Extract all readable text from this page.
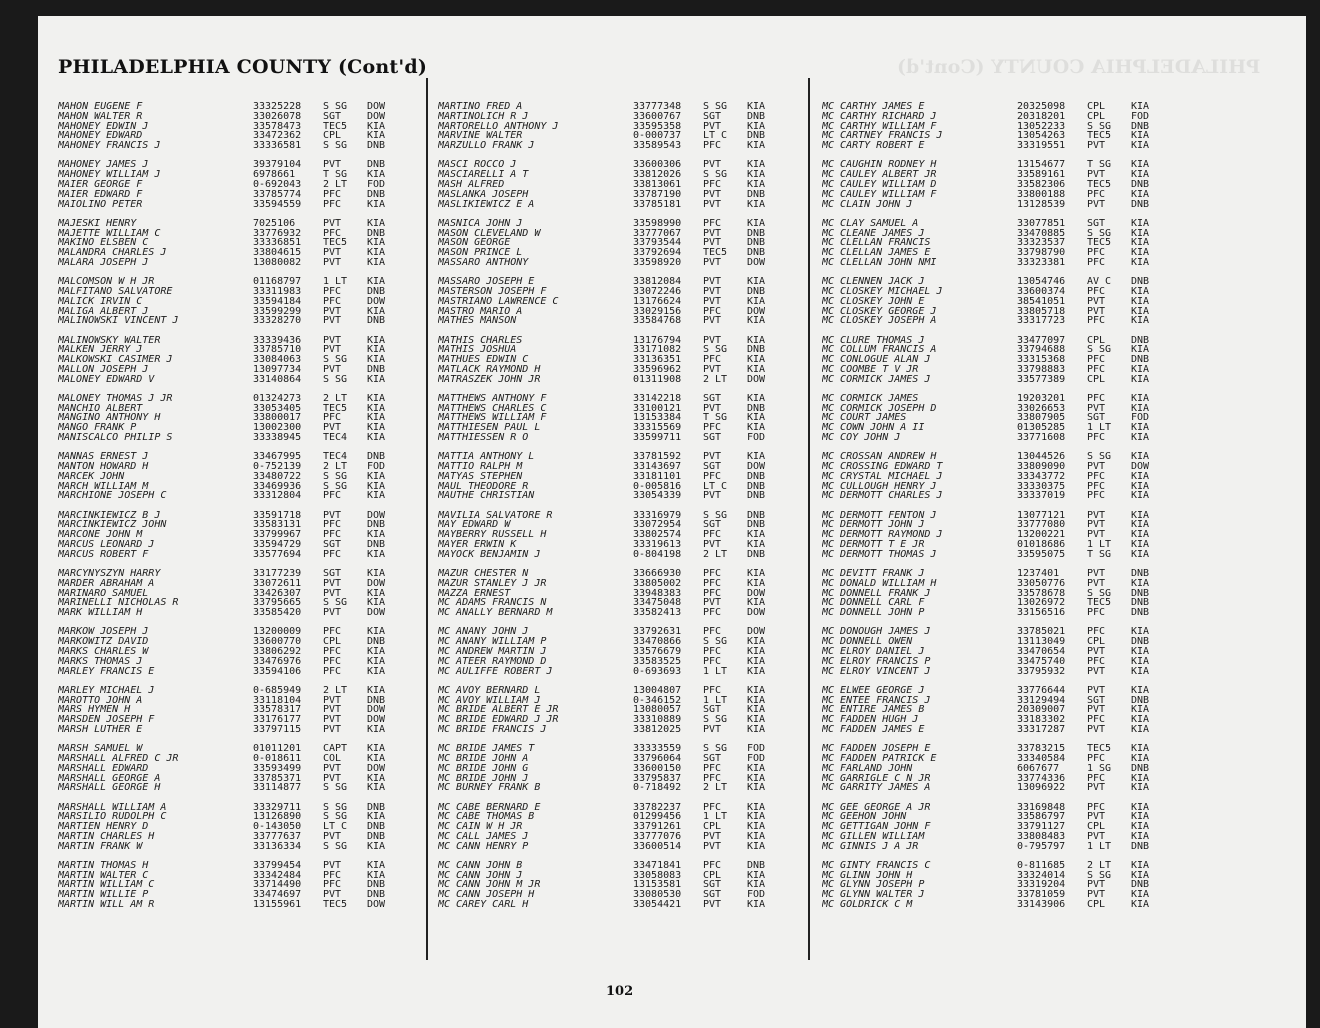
PHILADELPHIA COUNTY (Cont'd)	PHILADELPHIA COUNTY (Cont'd)
MAHON EUGENE F	33325228	S SG	DOW
MAHON WALTER R	33026078	SGT	DOW
MAHONEY EDWIN J	33578473	TEC5	KIA
MAHONEY EDWARD	33472362	CPL	KIA
MAHONEY FRANCIS J	33336581	S SG	DNB
MAHONEY JAMES J	39379104	PVT	DNB
MAHONEY WILLIAM J	6978661	T SG	KIA
MAIER GEORGE F	0-692043	2 LT	FOD
MAIER EDWARD F	33785774	PFC	DNB
MAIOLINO PETER	33594559	PFC	KIA
MAJESKI HENRY	7025106	PVT	KIA
MAJETTE WILLIAM C	33776932	PFC	DNB
MAKINO ELSBEN C	33336851	TEC5	KIA
MALANDRA CHARLES J	33804615	PVT	KIA
MALARA JOSEPH J	13080082	PVT	KIA
MALCOMSON W H JR	01168797	1 LT	KIA
MALFITANO SALVATORE	33311983	PFC	DNB
MALICK IRVIN C	33594184	PFC	DOW
MALIGA ALBERT J	33599299	PVT	KIA
MALINOWSKI VINCENT J	33328270	PVT	DNB
MALINOWSKY WALTER	33339436	PVT	KIA
MALKEN JERRY J	33785710	PVT	KIA
MALKOWSKI CASIMER J	33084063	S SG	KIA
MALLON JOSEPH J	13097734	PVT	DNB
MALONEY EDWARD V	33140864	S SG	KIA
MALONEY THOMAS J JR	01324273	2 LT	KIA
MANCHIO ALBERT	33053405	TEC5	KIA
MANGINO ANTHONY H	33800017	PFC	KIA
MANGO FRANK P	13002300	PVT	KIA
MANISCALCO PHILIP S	33338945	TEC4	KIA
MANNAS ERNEST J	33467995	TEC4	DNB
MANTON HOWARD H	0-752139	2 LT	FOD
MARCEK JOHN	33480722	S SG	KIA
MARCH WILLIAM M	33469936	S SG	KIA
MARCHIONE JOSEPH C	33312804	PFC	KIA
MARCINKIEWICZ B J	33591718	PVT	DOW
MARCINKIEWICZ JOHN	33583131	PFC	DNB
MARCONE JOHN M	33799967	PFC	KIA
MARCUS LEONARD J	33594729	SGT	DNB
MARCUS ROBERT F	33577694	PFC	KIA
MARCYNYSZYN HARRY	33177239	SGT	KIA
MARDER ABRAHAM A	33072611	PVT	DOW
MARINARO SAMUEL	33426307	PVT	KIA
MARINELLI NICHOLAS R	33795665	S SG	KIA
MARK WILLIAM H	33585420	PVT	DOW
MARKOW JOSEPH J	13200009	PFC	KIA
MARKOWITZ DAVID	33600770	CPL	DNB
MARKS CHARLES W	33806292	PFC	KIA
MARKS THOMAS J	33476976	PFC	KIA
MARLEY FRANCIS E	33594106	PFC	KIA
MARLEY MICHAEL J	0-685949	2 LT	KIA
MAROTTO JOHN A	33118104	PVT	DNB
MARS HYMEN H	33578317	PVT	DOW
MARSDEN JOSEPH F	33176177	PVT	DOW
MARSH LUTHER E	33797115	PVT	KIA
MARSH SAMUEL W	01011201	CAPT	KIA
MARSHALL ALFRED C JR	0-018611	COL	KIA
MARSHALL EDWARD	33593499	PVT	DOW
MARSHALL GEORGE A	33785371	PVT	KIA
MARSHALL GEORGE H	33114877	S SG	KIA
MARSHALL WILLIAM A	33329711	S SG	DNB
MARSILIO RUDOLPH C	13126890	S SG	KIA
MARTIEN HENRY D	0-143050	LT C	DNB
MARTIN CHARLES H	33777637	PVT	DNB
MARTIN FRANK W	33136334	S SG	KIA
MARTIN THOMAS H	33799454	PVT	KIA
MARTIN WALTER C	33342484	PFC	KIA
MARTIN WILLIAM C	33714490	PFC	DNB
MARTIN WILLIE P	33474697	PVT	DNB
MARTIN WILL AM R	13155961	TEC5	DOW
MARTINO FRED A	33777348	S SG	KIA
MARTINOLICH R J	33600767	SGT	DNB
MARTORELLO ANTHONY J	33595358	PVT	KIA
MARVINE WALTER	0-000737	LT C	DNB
MARZULLO FRANK J	33589543	PFC	KIA
MASCI ROCCO J	33600306	PVT	KIA
MASCIARELLI A T	33812026	S SG	KIA
MASH ALFRED	33813061	PFC	KIA
MASLANKA JOSEPH	33787190	PVT	DNB
MASLIKIEWICZ E A	33785181	PVT	KIA
MASNICA JOHN J	33598990	PFC	KIA
MASON CLEVELAND W	33777067	PVT	DNB
MASON GEORGE	33793544	PVT	DNB
MASON PRINCE L	33792694	TEC5	DNB
MASSARO ANTHONY	33598920	PVT	DOW
MASSARO JOSEPH E	33812084	PVT	KIA
MASTERSON JOSEPH F	33072246	PVT	DNB
MASTRIANO LAWRENCE C	13176624	PVT	KIA
MASTRO MARIO A	33029156	PFC	DOW
MATHES MANSON	33584768	PVT	KIA
MATHIS CHARLES	13176794	PVT	KIA
MATHIS JOSHUA	33171082	S SG	DNB
MATHUES EDWIN C	33136351	PFC	KIA
MATLACK RAYMOND H	33596962	PVT	KIA
MATRASZEK JOHN JR	01311908	2 LT	DOW
MATTHEWS ANTHONY F	33142218	SGT	KIA
MATTHEWS CHARLES C	33100121	PVT	DNB
MATTHEWS WILLIAM F	13153384	T SG	KIA
MATTHIESEN PAUL L	33315569	PFC	KIA
MATTHIESSEN R O	33599711	SGT	FOD
MATTIA ANTHONY L	33781592	PVT	KIA
MATTIO RALPH M	33143697	SGT	DOW
MATYAS STEPHEN	33181101	PFC	DNB
MAUL THEODORE R	0-005816	LT C	DNB
MAUTHE CHRISTIAN	33054339	PVT	DNB
MAVILIA SALVATORE R	33316979	S SG	DNB
MAY EDWARD W	33072954	SGT	DNB
MAYBERRY RUSSELL H	33802574	PFC	KIA
MAYER ERWIN K	33319613	PVT	KIA
MAYOCK BENJAMIN J	0-804198	2 LT	DNB
MAZUR CHESTER N	33666930	PFC	KIA
MAZUR STANLEY J JR	33805002	PFC	KIA
MAZZA ERNEST	33948383	PFC	DOW
MC ADAMS FRANCIS N	33475048	PVT	KIA
MC ANALLY BERNARD M	33582413	PFC	DOW
MC ANANY JOHN J	33792631	PFC	DOW
MC ANANY WILLIAM P	33470866	S SG	KIA
MC ANDREW MARTIN J	33576679	PFC	KIA
MC ATEER RAYMOND D	33583525	PFC	KIA
MC AULIFFE ROBERT J	0-693693	1 LT	KIA
MC AVOY BERNARD L	13004807	PFC	KIA
MC AVOY WILLIAM J	0-346152	1 LT	KIA
MC BRIDE ALBERT E JR	13080057	SGT	KIA
MC BRIDE EDWARD J JR	33310889	S SG	KIA
MC BRIDE FRANCIS J	33812025	PVT	KIA
MC BRIDE JAMES T	33333559	S SG	FOD
MC BRIDE JOHN A	33796064	SGT	FOD
MC BRIDE JOHN G	33600150	PFC	KIA
MC BRIDE JOHN J	33795837	PFC	KIA
MC BURNEY FRANK B	0-718492	2 LT	KIA
MC CABE BERNARD E	33782237	PFC	KIA
MC CABE THOMAS B	01299456	1 LT	KIA
MC CAIN W H JR	33791261	CPL	KIA
MC CALL JAMES J	33777076	PVT	KIA
MC CANN HENRY P	33600514	PVT	KIA
MC CANN JOHN B	33471841	PFC	DNB
MC CANN JOHN J	33058083	CPL	KIA
MC CANN JOHN M JR	13153581	SGT	KIA
MC CANN JOSEPH H	33080530	SGT	FOD
MC CAREY CARL H	33054421	PVT	KIA
MC CARTHY JAMES E	20325098	CPL	KIA
MC CARTHY RICHARD J	20318201	CPL	FOD
MC CARTHY WILLIAM F	13052233	S SG	DNB
MC CARTNEY FRANCIS J	13054263	TEC5	KIA
MC CARTY ROBERT E	33319551	PVT	KIA
MC CAUGHIN RODNEY H	13154677	T SG	KIA
MC CAULEY ALBERT JR	33589161	PVT	KIA
MC CAULEY WILLIAM D	33582306	TEC5	DNB
MC CAULEY WILLIAM F	33800188	PFC	KIA
MC CLAIN JOHN J	13128539	PVT	DNB
MC CLAY SAMUEL A	33077851	SGT	KIA
MC CLEANE JAMES J	33470885	S SG	KIA
MC CLELLAN FRANCIS	33323537	TEC5	KIA
MC CLELLAN JAMES E	33798790	PFC	KIA
MC CLELLAN JOHN NMI	33323381	PFC	KIA
MC CLENNEN JACK J	13054746	AV C	DNB
MC CLOSKEY MICHAEL J	33600374	PFC	KIA
MC CLOSKEY JOHN E	38541051	PVT	KIA
MC CLOSKEY GEORGE J	33805718	PVT	KIA
MC CLOSKEY JOSEPH A	33317723	PFC	KIA
MC CLURE THOMAS J	33477097	CPL	DNB
MC COLLUM FRANCIS A	33794688	S SG	KIA
MC CONLOGUE ALAN J	33315368	PFC	DNB
MC COOMBE T V JR	33798883	PFC	KIA
MC CORMICK JAMES J	33577389	CPL	KIA
MC CORMICK JAMES	19203201	PFC	KIA
MC CORMICK JOSEPH D	33026653	PVT	KIA
MC COURT JAMES	33807905	SGT	FOD
MC COWN JOHN A II	01305285	1 LT	KIA
MC COY JOHN J	33771608	PFC	KIA
MC CROSSAN ANDREW H	13044526	S SG	KIA
MC CROSSING EDWARD T	33809090	PVT	DOW
MC CRYSTAL MICHAEL J	33343772	PFC	KIA
MC CULLOUGH HENRY J	33330375	PFC	KIA
MC DERMOTT CHARLES J	33337019	PFC	KIA
MC DERMOTT FENTON J	13077121	PVT	KIA
MC DERMOTT JOHN J	33777080	PVT	KIA
MC DERMOTT RAYMOND J	13200221	PVT	KIA
MC DERMOTT T E JR	01018686	1 LT	KIA
MC DERMOTT THOMAS J	33595075	T SG	KIA
MC DEVITT FRANK J	1237401	PVT	DNB
MC DONALD WILLIAM H	33050776	PVT	KIA
MC DONNELL FRANK J	33578678	S SG	DNB
MC DONNELL CARL F	13026972	TEC5	DNB
MC DONNELL JOHN P	33156516	PFC	DNB
MC DONOUGH JAMES J	33785021	PFC	KIA
MC DONNELL OWEN	13113049	CPL	DNB
MC ELROY DANIEL J	33470654	PVT	KIA
MC ELROY FRANCIS P	33475740	PFC	KIA
MC ELROY VINCENT J	33795932	PVT	KIA
MC ELWEE GEORGE J	33776644	PVT	KIA
MC ENTEE FRANCIS J	33129494	SGT	DNB
MC ENTIRE JAMES B	20309007	PVT	KIA
MC FADDEN HUGH J	33183302	PFC	KIA
MC FADDEN JAMES E	33317287	PVT	KIA
MC FADDEN JOSEPH E	33783215	TEC5	KIA
MC FADDEN PATRICK E	33340584	PFC	KIA
MC FARLAND JOHN	6067677	1 SG	DNB
MC GARRIGLE C N JR	33774336	PFC	KIA
MC GARRITY JAMES A	13096922	PVT	KIA
MC GEE GEORGE A JR	33169848	PFC	KIA
MC GEEHON JOHN	33586797	PVT	KIA
MC GETTIGAN JOHN F	33791127	CPL	KIA
MC GILLEN WILLIAM	33808483	PVT	KIA
MC GINNIS J A JR	0-795797	1 LT	DNB
MC GINTY FRANCIS C	0-811685	2 LT	KIA
MC GLINN JOHN H	33324014	S SG	KIA
MC GLYNN JOSEPH P	33319204	PVT	DNB
MC GLYNN WALTER J	33781059	PVT	KIA
MC GOLDRICK C M	33143906	CPL	KIA
102
